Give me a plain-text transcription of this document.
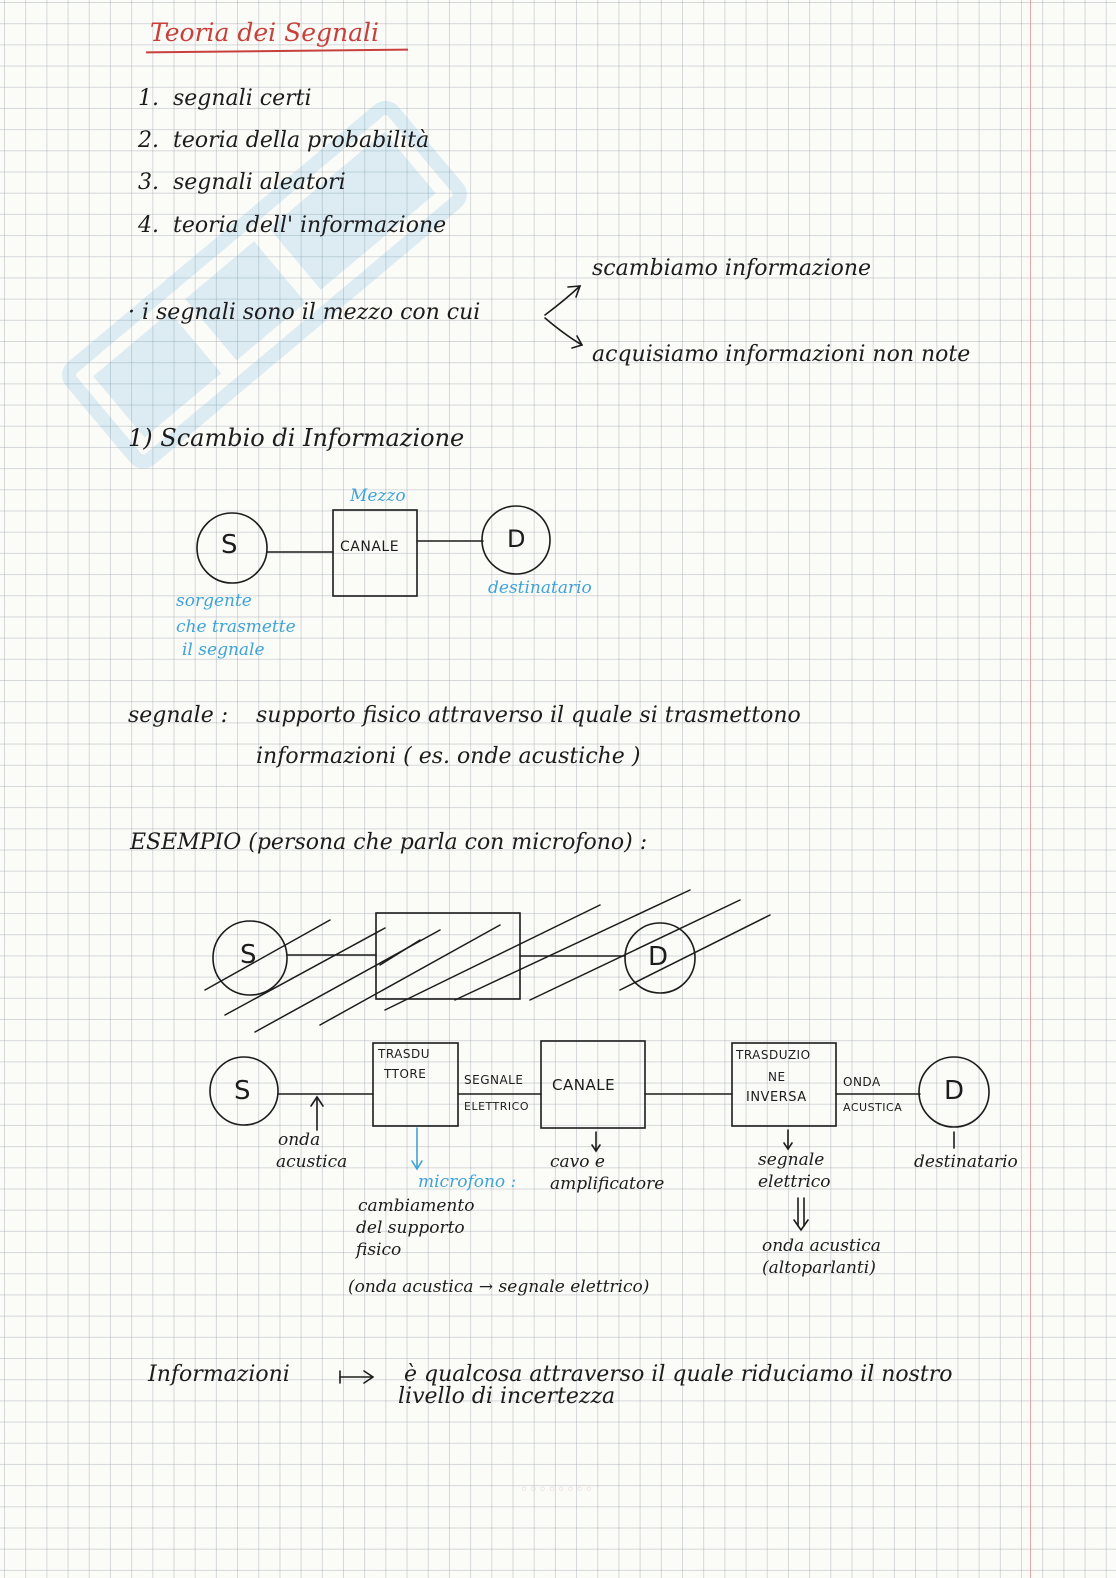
Teoria dei Segnali
1. segnali certi
2. teoria della probabilità
3. segnali aleatori
4. teoria dell' informazione
· i segnali sono il mezzo con cui
scambiamo informazione
acquisiamo informazioni non note
1) Scambio di Informazione
Mezzo
S	CANALE	D
sorgente
che trasmette
il segnale
destinatario
segnale : supporto fisico attraverso il quale si trasmettono
informazioni ( es. onde acustiche )
ESEMPIO (persona che parla con microfono) :
S	D
S
TRASDU
TTORE	SEGNALE
ELETTRICO
CANALE
TRASDUZIO
NE
INVERSA
ONDA
ACUSTICA
D
onda
acustica
microfono :
cambiamento
del supporto
fisico
(onda acustica → segnale elettrico)
cavo e
amplificatore
segnale
elettrico
onda acustica
(altoparlanti)
destinatario
Informazioni	è qualcosa attraverso il quale riduciamo il nostro
livello di incertezza
◦◦◦◦◦◦◦◦
